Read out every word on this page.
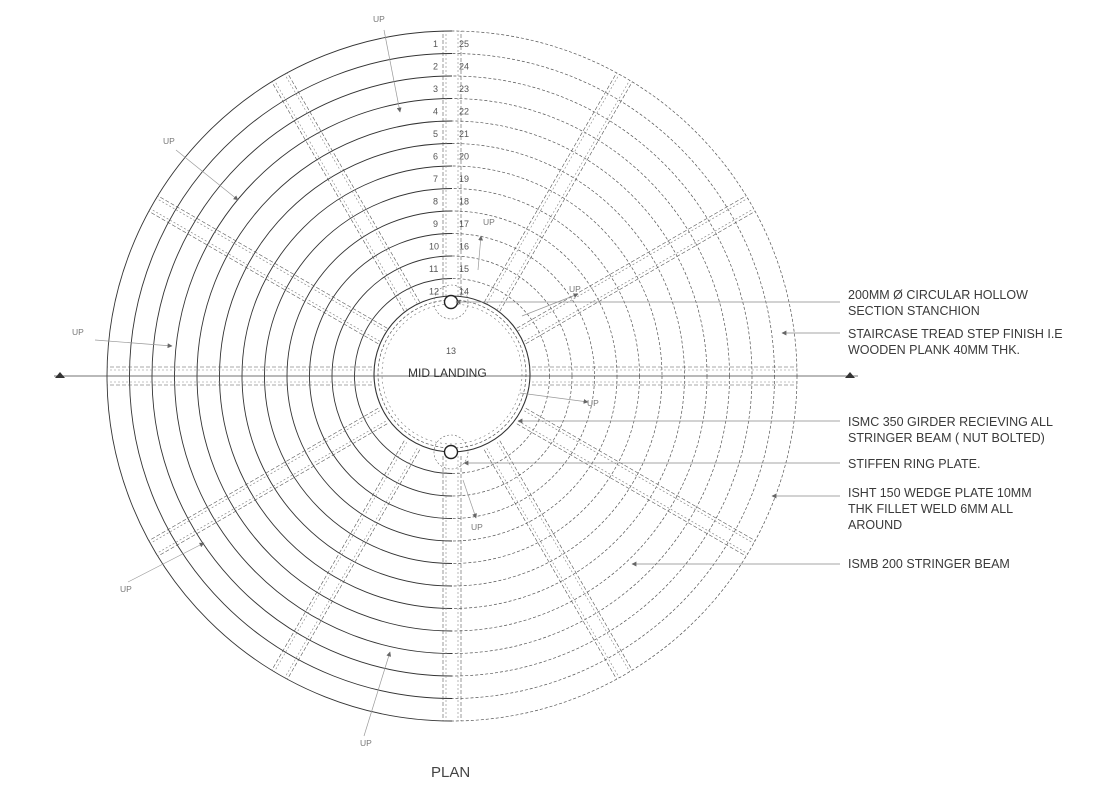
1
2
3
4
5
6
7
8
9
10
11
12
25
24
23
22
21
20
19
18
17
16
15
14
13
MID LANDING
UP
UP
UP
UP
UP
UP
UP
UP
UP
200MM Ø CIRCULAR HOLLOW
SECTION STANCHION
STAIRCASE TREAD STEP FINISH I.E
WOODEN PLANK 40MM THK.
ISMC 350 GIRDER RECIEVING ALL
STRINGER BEAM ( NUT BOLTED)
STIFFEN RING PLATE.
ISHT 150 WEDGE PLATE 10MM
THK FILLET WELD 6MM ALL
AROUND
ISMB 200 STRINGER BEAM
PLAN
